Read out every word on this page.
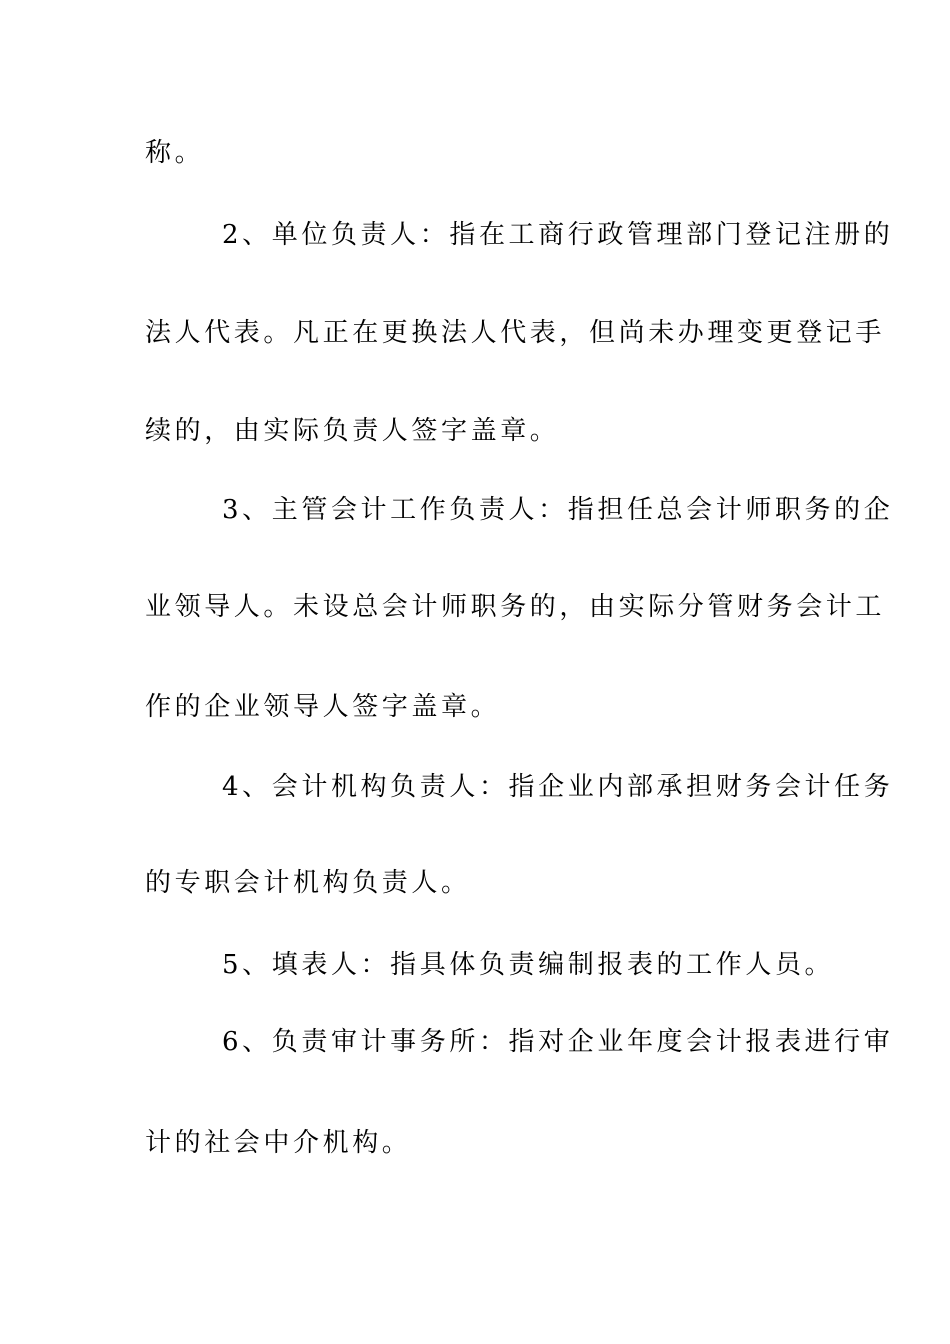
称。
2、单位负责人：指在工商行政管理部门登记注册的
法人代表。凡正在更换法人代表，但尚未办理变更登记手
续的，由实际负责人签字盖章。
3、主管会计工作负责人：指担任总会计师职务的企
业领导人。未设总会计师职务的，由实际分管财务会计工
作的企业领导人签字盖章。
4、会计机构负责人：指企业内部承担财务会计任务
的专职会计机构负责人。
5、填表人：指具体负责编制报表的工作人员。
6、负责审计事务所：指对企业年度会计报表进行审
计的社会中介机构。
